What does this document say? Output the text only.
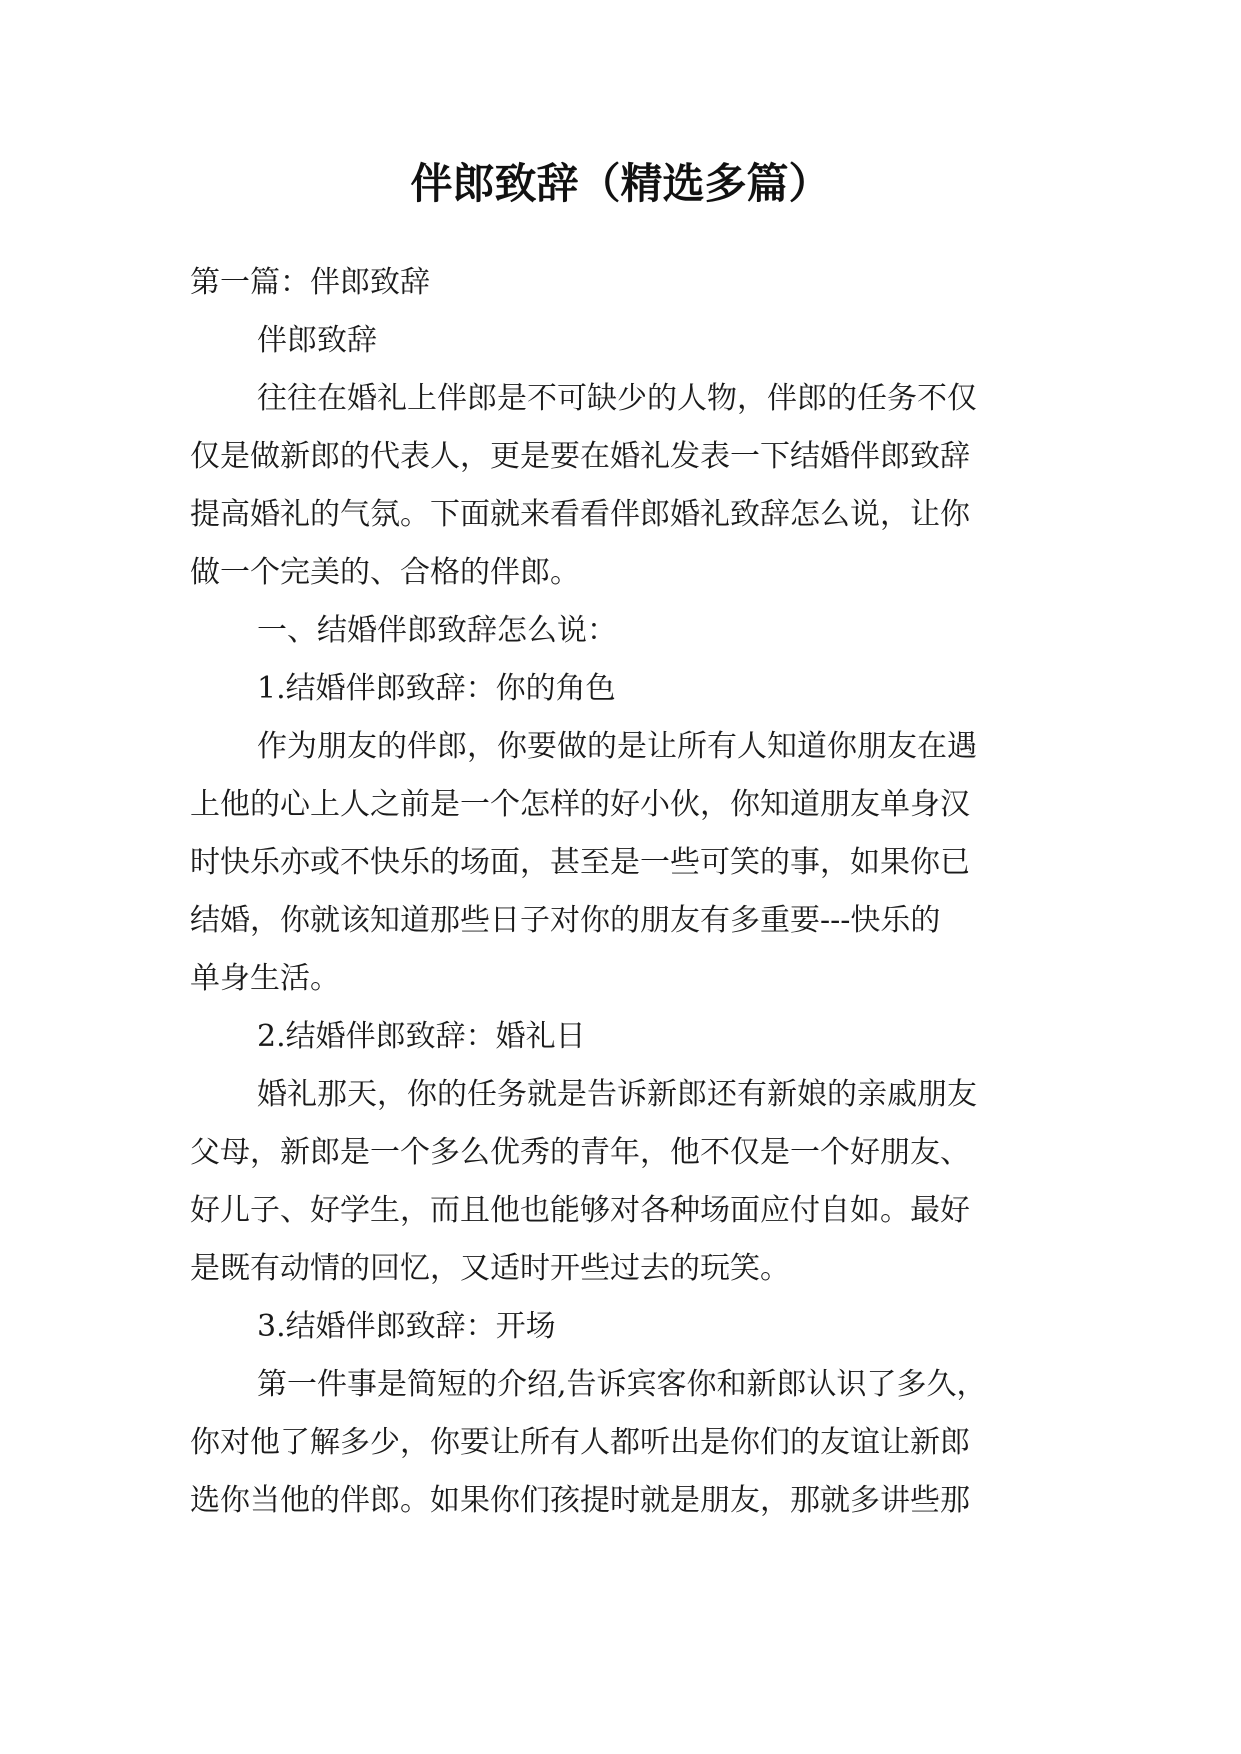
伴郎致辞（精选多篇）

第一篇：伴郎致辞

伴郎致辞

往往在婚礼上伴郎是不可缺少的人物，伴郎的任务不仅

仅是做新郎的代表人，更是要在婚礼发表一下结婚伴郎致辞

提高婚礼的气氛。下面就来看看伴郎婚礼致辞怎么说，让你

做一个完美的、合格的伴郎。

一、结婚伴郎致辞怎么说：

1.结婚伴郎致辞：你的角色

作为朋友的伴郎，你要做的是让所有人知道你朋友在遇

上他的心上人之前是一个怎样的好小伙，你知道朋友单身汉

时快乐亦或不快乐的场面，甚至是一些可笑的事，如果你已

结婚，你就该知道那些日子对你的朋友有多重要---快乐的

单身生活。

2.结婚伴郎致辞：婚礼日

婚礼那天，你的任务就是告诉新郎还有新娘的亲戚朋友

父母，新郎是一个多么优秀的青年，他不仅是一个好朋友、

好儿子、好学生，而且他也能够对各种场面应付自如。最好

是既有动情的回忆，又适时开些过去的玩笑。

3.结婚伴郎致辞：开场

第一件事是简短的介绍,告诉宾客你和新郎认识了多久，

你对他了解多少，你要让所有人都听出是你们的友谊让新郎

选你当他的伴郎。如果你们孩提时就是朋友，那就多讲些那
